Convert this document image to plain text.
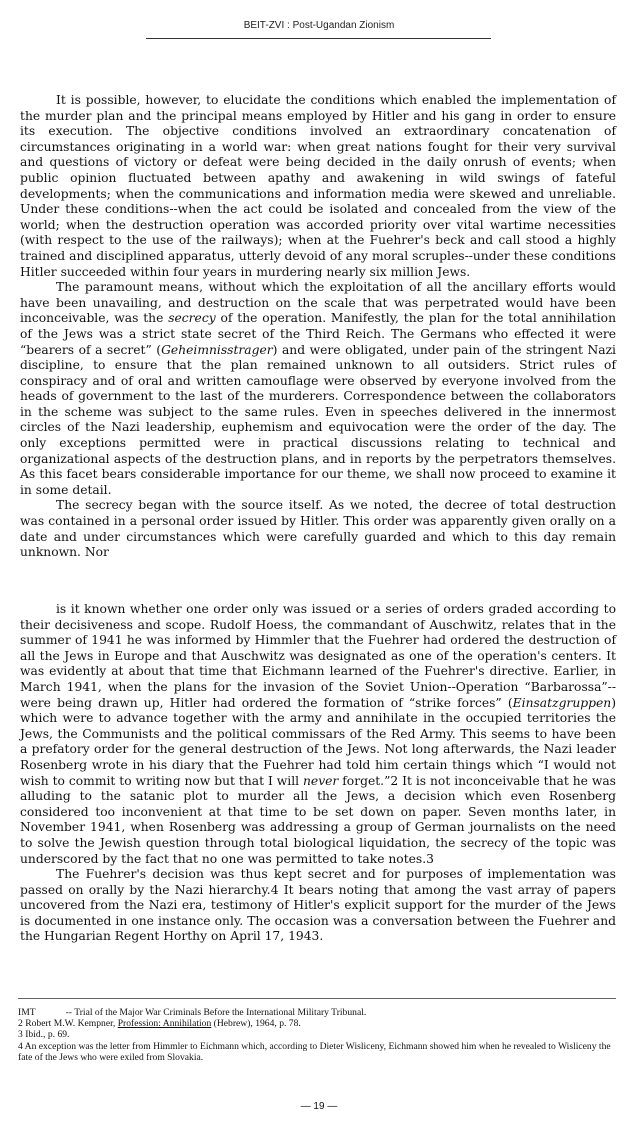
BEIT-ZVI : Post-Ugandan Zionism

It is possible, however, to elucidate the conditions which enabled the implementation of the murder plan and the principal means employed by Hitler and his gang in order to ensure its execution. The objective conditions involved an extraordinary concatenation of circumstances originating in a world war: when great nations fought for their very survival and questions of victory or defeat were being decided in the daily onrush of events; when public opinion fluctuated between apathy and awakening in wild swings of fateful developments; when the communications and information media were skewed and unreliable. Under these conditions--when the act could be isolated and concealed from the view of the world; when the destruction operation was accorded priority over vital wartime necessities (with respect to the use of the railways); when at the Fuehrer's beck and call stood a highly trained and disciplined apparatus, utterly devoid of any moral scruples--under these conditions Hitler succeeded within four years in murdering nearly six million Jews.

The paramount means, without which the exploitation of all the ancillary efforts would have been unavailing, and destruction on the scale that was perpetrated would have been inconceivable, was the secrecy of the operation. Manifestly, the plan for the total annihilation of the Jews was a strict state secret of the Third Reich. The Germans who effected it were “bearers of a secret” (Geheimnisstrager) and were obligated, under pain of the stringent Nazi discipline, to ensure that the plan remained unknown to all outsiders. Strict rules of conspiracy and of oral and written camouflage were observed by everyone involved from the heads of government to the last of the murderers. Correspondence between the collaborators in the scheme was subject to the same rules. Even in speeches delivered in the innermost circles of the Nazi leadership, euphemism and equivocation were the order of the day. The only exceptions permitted were in practical discussions relating to technical and organizational aspects of the destruction plans, and in reports by the perpetrators themselves. As this facet bears considerable importance for our theme, we shall now proceed to examine it in some detail.

The secrecy began with the source itself. As we noted, the decree of total destruction was contained in a personal order issued by Hitler. This order was apparently given orally on a date and under circumstances which were carefully guarded and which to this day remain unknown. Nor

is it known whether one order only was issued or a series of orders graded according to their decisiveness and scope. Rudolf Hoess, the commandant of Auschwitz, relates that in the summer of 1941 he was informed by Himmler that the Fuehrer had ordered the destruction of all the Jews in Europe and that Auschwitz was designated as one of the operation's centers. It was evidently at about that time that Eichmann learned of the Fuehrer's directive. Earlier, in March 1941, when the plans for the invasion of the Soviet Union--Operation “Barbarossa”--were being drawn up, Hitler had ordered the formation of “strike forces” (Einsatzgruppen) which were to advance together with the army and annihilate in the occupied territories the Jews, the Communists and the political commissars of the Red Army. This seems to have been a prefatory order for the general destruction of the Jews. Not long afterwards, the Nazi leader Rosenberg wrote in his diary that the Fuehrer had told him certain things which “I would not wish to commit to writing now but that I will never forget.”2 It is not inconceivable that he was alluding to the satanic plot to murder all the Jews, a decision which even Rosenberg considered too inconvenient at that time to be set down on paper. Seven months later, in November 1941, when Rosenberg was addressing a group of German journalists on the need to solve the Jewish question through total biological liquidation, the secrecy of the topic was underscored by the fact that no one was permitted to take notes.3

The Fuehrer's decision was thus kept secret and for purposes of implementation was passed on orally by the Nazi hierarchy.4 It bears noting that among the vast array of papers uncovered from the Nazi era, testimony of Hitler's explicit support for the murder of the Jews is documented in one instance only. The occasion was a conversation between the Fuehrer and the Hungarian Regent Horthy on April 17, 1943.

IMT	-- Trial of the Major War Criminals Before the International Military Tribunal.
2 Robert M.W. Kempner, Profession: Annihilation (Hebrew), 1964, p. 78.
3 Ibid., p. 69.
4 An exception was the letter from Himmler to Eichmann which, according to Dieter Wisliceny, Eichmann showed him when he revealed to Wisliceny the fate of the Jews who were exiled from Slovakia.
— 19 —
